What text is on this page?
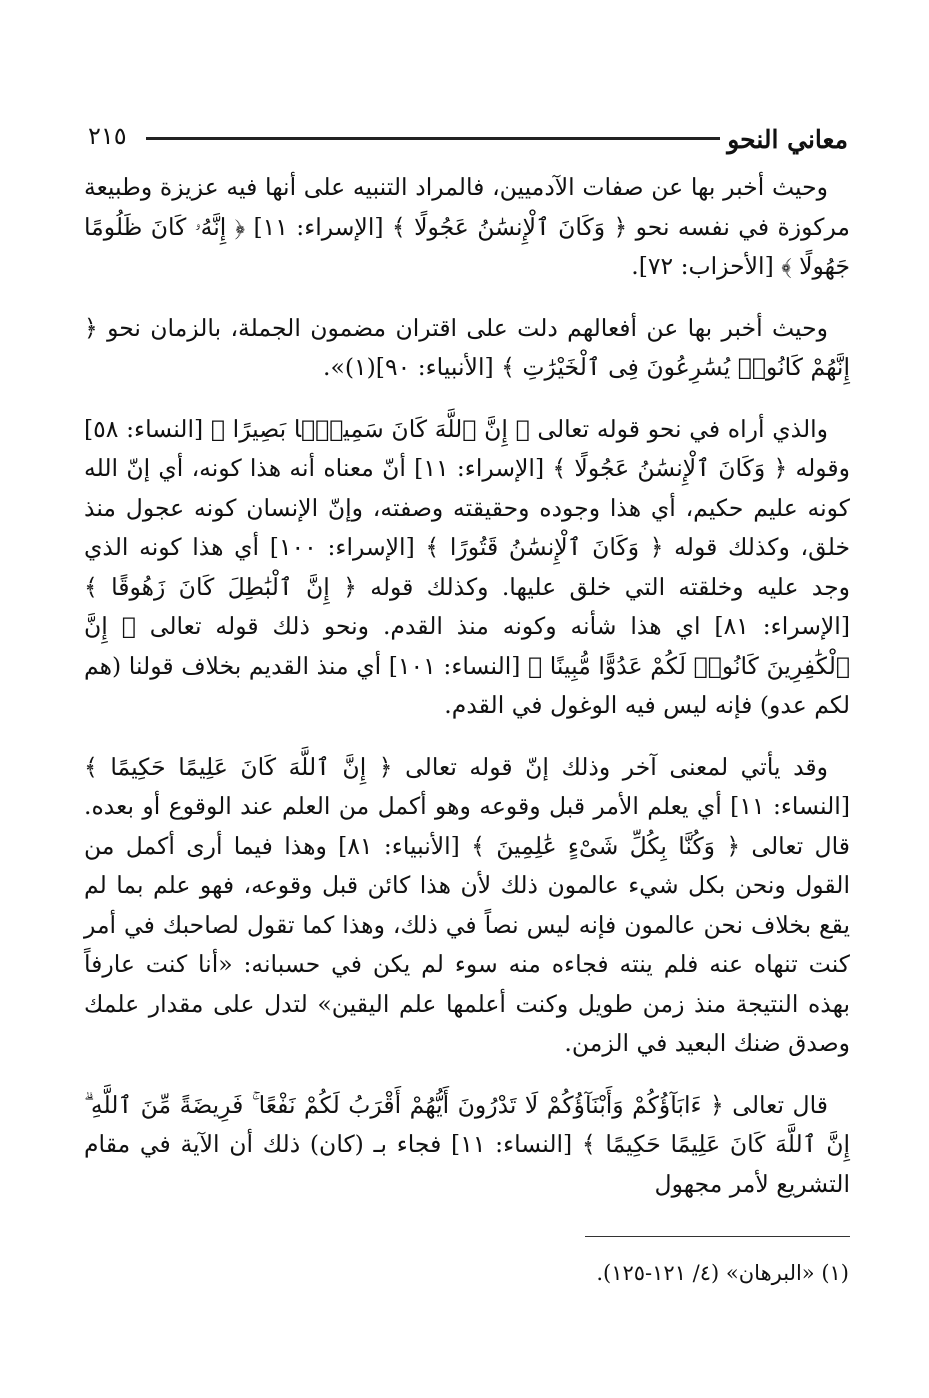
معاني النحو
٢١٥

وحيث أخبر بها عن صفات الآدميين، فالمراد التنبيه على أنها فيه عزيزة وطبيعة مركوزة في نفسه نحو ﴿ وَكَانَ ٱلْإِنسَٰنُ عَجُولًا ﴾ [الإسراء: ١١] ﴿ إِنَّهُۥ كَانَ ظَلُومًا جَهُولًا ﴾ [الأحزاب: ٧٢].

وحيث أخبر بها عن أفعالهم دلت على اقتران مضمون الجملة، بالزمان نحو ﴿ إِنَّهُمْ كَانُوا۟ يُسَٰرِعُونَ فِى ٱلْخَيْرَٰتِ ﴾ [الأنبياء: ٩٠](١)».

والذي أراه في نحو قوله تعالى ﴿ إِنَّ ٱللَّهَ كَانَ سَمِيعًۢا بَصِيرًا ﴾ [النساء: ٥٨] وقوله ﴿ وَكَانَ ٱلْإِنسَٰنُ عَجُولًا ﴾ [الإسراء: ١١] أنّ معناه أنه هذا كونه، أي إنّ الله كونه عليم حكيم، أي هذا وجوده وحقيقته وصفته، وإنّ الإنسان كونه عجول منذ خلق، وكذلك قوله ﴿ وَكَانَ ٱلْإِنسَٰنُ قَتُورًا ﴾ [الإسراء: ١٠٠] أي هذا كونه الذي وجد عليه وخلقته التي خلق عليها. وكذلك قوله ﴿ إِنَّ ٱلْبَٰطِلَ كَانَ زَهُوقًا ﴾ [الإسراء: ٨١] اي هذا شأنه وكونه منذ القدم. ونحو ذلك قوله تعالى ﴿ إِنَّ ٱلْكَٰفِرِينَ كَانُوا۟ لَكُمْ عَدُوًّا مُّبِينًا ﴾ [النساء: ١٠١] أي منذ القديم بخلاف قولنا (هم لكم عدو) فإنه ليس فيه الوغول في القدم.

وقد يأتي لمعنى آخر وذلك إنّ قوله تعالى ﴿ إِنَّ ٱللَّهَ كَانَ عَلِيمًا حَكِيمًا ﴾ [النساء: ١١] أي يعلم الأمر قبل وقوعه وهو أكمل من العلم عند الوقوع أو بعده. قال تعالى ﴿ وَكُنَّا بِكُلِّ شَىْءٍ عَٰلِمِينَ ﴾ [الأنبياء: ٨١] وهذا فيما أرى أكمل من القول ونحن بكل شيء عالمون ذلك لأن هذا كائن قبل وقوعه، فهو علم بما لم يقع بخلاف نحن عالمون فإنه ليس نصاً في ذلك، وهذا كما تقول لصاحبك في أمر كنت تنهاه عنه فلم ينته فجاءه منه سوء لم يكن في حسبانه: «أنا كنت عارفاً بهذه النتيجة منذ زمن طويل وكنت أعلمها علم اليقين» لتدل على مقدار علمك وصدق ضنك البعيد في الزمن.

قال تعالى ﴿ ءَابَآؤُكُمْ وَأَبْنَآؤُكُمْ لَا تَدْرُونَ أَيُّهُمْ أَقْرَبُ لَكُمْ نَفْعًا ۚ فَرِيضَةً مِّنَ ٱللَّهِ ۗ إِنَّ ٱللَّهَ كَانَ عَلِيمًا حَكِيمًا ﴾ [النساء: ١١] فجاء بـ (كان) ذلك أن الآية في مقام التشريع لأمر مجهول

(١) «البرهان» (٤/ ١٢١-١٢٥).
